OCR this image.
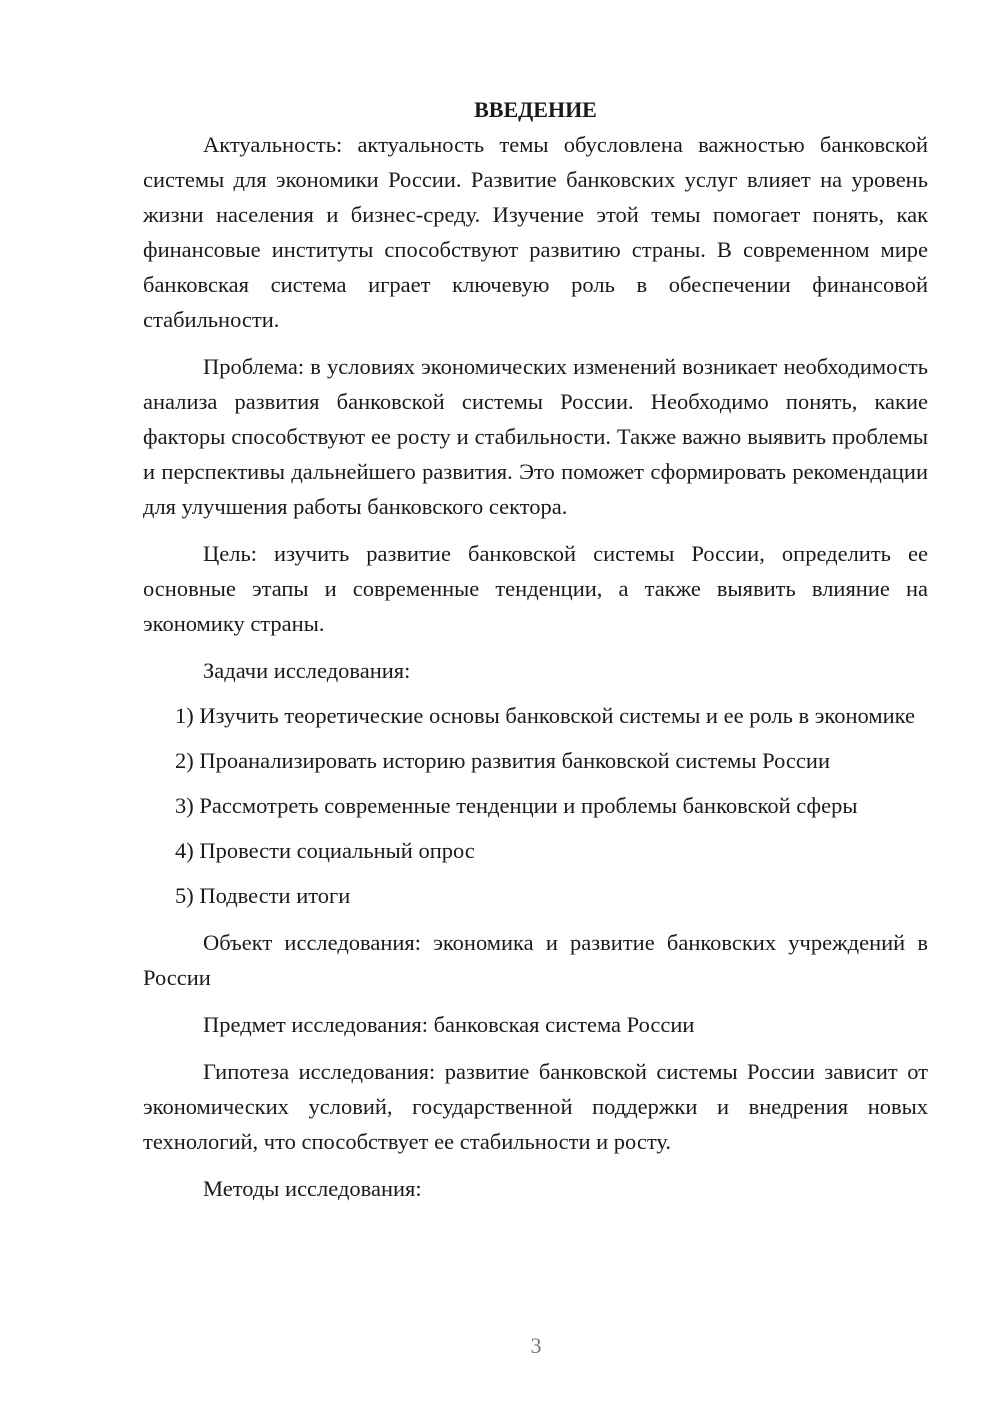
ВВЕДЕНИЕ

Актуальность: актуальность темы обусловлена важностью банковской системы для экономики России. Развитие банковских услуг влияет на уровень жизни населения и бизнес-среду. Изучение этой темы помогает понять, как финансовые институты способствуют развитию страны. В современном мире банковская система играет ключевую роль в обеспечении финансовой стабильности.

Проблема: в условиях экономических изменений возникает необходимость анализа развития банковской системы России. Необходимо понять, какие факторы способствуют ее росту и стабильности. Также важно выявить проблемы и перспективы дальнейшего развития. Это поможет сформировать рекомендации для улучшения работы банковского сектора.

Цель: изучить развитие банковской системы России, определить ее основные этапы и современные тенденции, а также выявить влияние на экономику страны.

Задачи исследования:

1) Изучить теоретические основы банковской системы и ее роль в экономике

2) Проанализировать историю развития банковской системы России

3) Рассмотреть современные тенденции и проблемы банковской сферы

4) Провести социальный опрос

5) Подвести итоги

Объект исследования: экономика и развитие банковских учреждений в России

Предмет исследования: банковская система России

Гипотеза исследования: развитие банковской системы России зависит от экономических условий, государственной поддержки и внедрения новых технологий, что способствует ее стабильности и росту.

Методы исследования:

3
